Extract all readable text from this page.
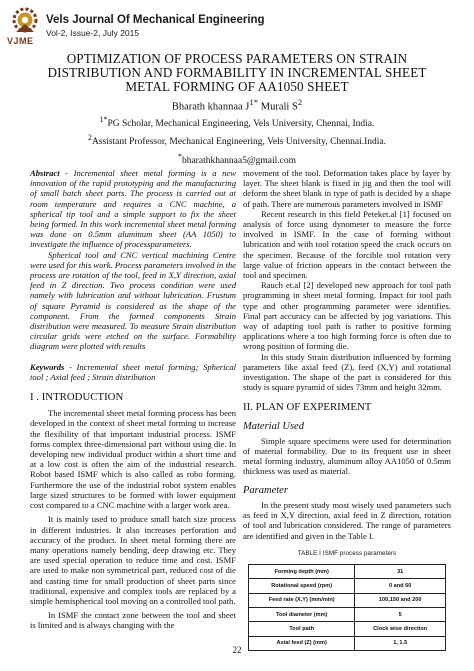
VJME
Vels Journal Of Mechanical Engineering
Vol-2, Issue-2, July 2015
OPTIMIZATION OF PROCESS PARAMETERS ON STRAIN
DISTRIBUTION AND FORMABILITY IN INCREMENTAL SHEET
METAL FORMING OF AA1050 SHEET
Bharath khannaa $J^{1*}$ Murali $S^2$
$^{1*}$PG Scholar, Mechanical Engineering, Vels University, Chennai, India.
$^2$Assistant Professor, Mechanical Engineering, Vels University, Chennai.India.
*bharathkhannaa5@gmail.com

Abstract - Incremental sheet metal forming is a new innovation of the rapid prototyping and the manufacturing of small batch sheet parts. The process is carried out at room temperature and requires a CNC machine, a spherical tip tool and a simple support to fix the sheet being formed. In this work incremental sheet metal forming was done on 0.5mm aluminum sheet (AA 1050) to investigate the influence of processparameters.

Spherical tool and CNC vertical machining Centre were used for this work. Process parameters involved in the process are rotation of the tool, feed in X,Y direction, axial feed in Z direction. Two process condition were used namely with lubrication and without lubrication. Frustum of square Pyramid is considered as the shape of the component. From the formed components Strain distribution were measured. To measure Strain distribution circular grids were etched on the surface. Formability diagram were plotted with results

Keywords - Incremental sheet metal forming; Spherical tool ; Axial feed ; Strain distribution

I . INTRODUCTION

The incremental sheet metal forming process has been developed in the context of sheet metal forming to increase the flexibility of that important industrial process. ISMF forms complex three-dimensional part without using die. In developing new individual product within a short time and at a low cost is often the aim of the industrial research. Robot based ISMF which is also called as robo forming. Furthermore the use of the industrial robot system enables large sized structures to be formed with lower equipment cost compared to a CNC machine with a larger work area.

It is mainly used to produce small batch size process in different industries. It also increases perforation and accuracy of the product. In sheet metal forming there are many operations namely bending, deep drawing etc. They are used special operation to reduce time and cost. ISMF are used to make non symmetrical part, reduced cost of die and casting time for small production of sheet parts since traditional, expensive and complex tools are replaced by a simple hemispherical tool moving on a controlled tool path.

In ISMF the contact zone between the tool and sheet is limited and is always changing with the

movement of the tool. Deformation takes place by layer by layer. The sheet blank is fixed in jig and then the tool will deform the sheet blank in type of path is decided by a shape of path. There are numerous parameters involved in ISMF

Recent research in this field Peteket.al [1] focused on analysis of force using dynometer to measure the force involved in ISMF. In the case of forming without lubrication and with tool rotation speed the crack occurs on the specimen. Because of the forcible tool rotation very large value of friction appears in the contact between the tool and specimen.

Rauch et.al [2] developed new approach for tool path programming in sheet metal forming. Impact for tool path type and other programming parameter were identifies. Final part accuracy can be affected by jog variations. This way of adapting tool path is rather to positive forming applications where a too high forming force is often due to wrong position of forming die.

In this study Strain distribution influenced by forming parameters like axial feed (Z), feed (X,Y) and rotational investigation. The shape of the part is considered for this study is square pyramid of sides 73mm and height 32mm.

II. PLAN OF EXPERIMENT
Material Used

Simple square specimens were used for determination of material formability. Due to its frequent use in sheet metal forming industry, aluminum alloy AA1050 of 0.5mm thickness was used as material.

Parameter

In the present study most wisely used parameters such as feed in X,Y direction, axial feed in Z direction, rotation of tool and lubrication considered. The range of parameters are identified and given in the Table I.

TABLE I ISMF process parameters
Forming depth (mm)	31
Rotational speed (rpm)	0 and 60
Feed rate (X,Y) (mm/min)	100,150 and 200
Tool diameter (mm)	5
Tool path	Clock wise direction
Axial feed (Z) (mm)	1, 1.5
22
